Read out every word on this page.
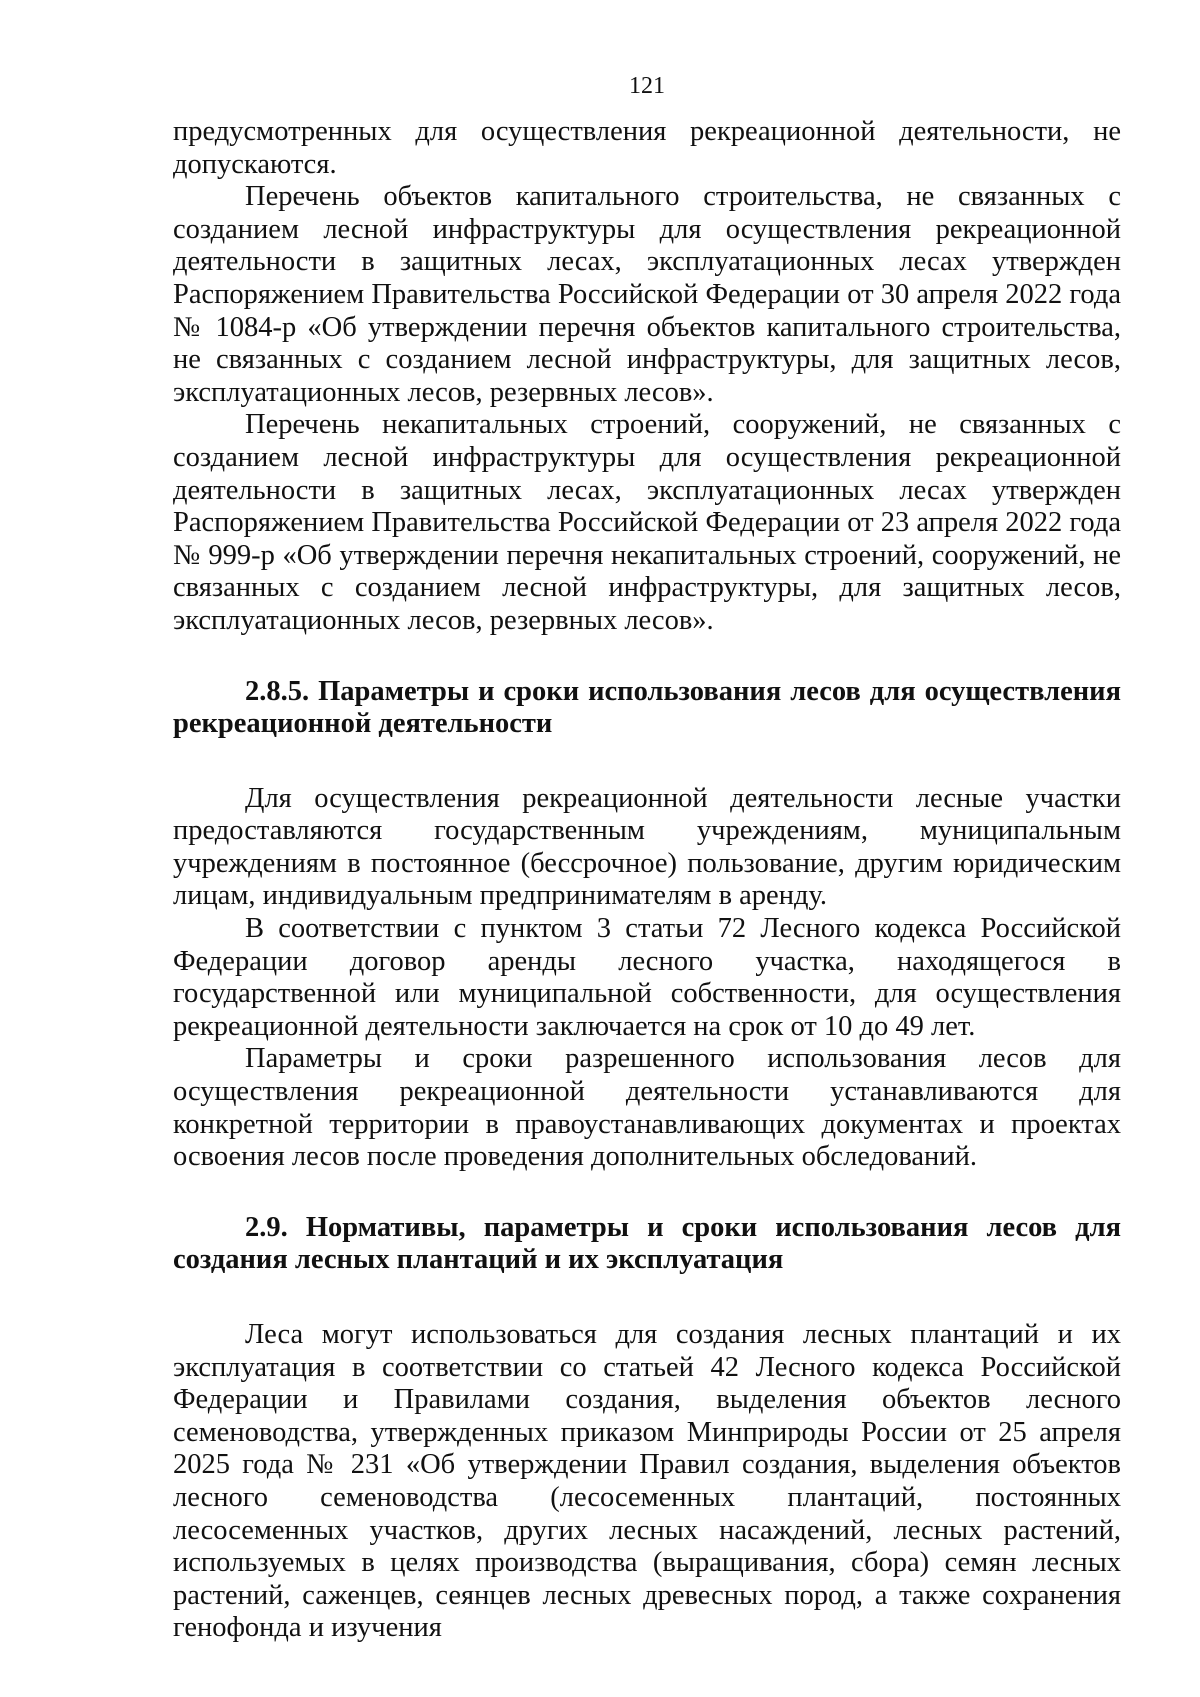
121

предусмотренных для осуществления рекреационной деятельности, не допускаются.

Перечень объектов капитального строительства, не связанных с созданием лесной инфраструктуры для осуществления рекреационной деятельности в защитных лесах, эксплуатационных лесах утвержден Распоряжением Правительства Российской Федерации от 30 апреля 2022 года № 1084-р «Об утверждении перечня объектов капитального строительства, не связанных с созданием лесной инфраструктуры, для защитных лесов, эксплуатационных лесов, резервных лесов».

Перечень некапитальных строений, сооружений, не связанных с созданием лесной инфраструктуры для осуществления рекреационной деятельности в защитных лесах, эксплуатационных лесах утвержден Распоряжением Правительства Российской Федерации от 23 апреля 2022 года № 999-р «Об утверждении перечня некапитальных строений, сооружений, не связанных с созданием лесной инфраструктуры, для защитных лесов, эксплуатационных лесов, резервных лесов».

2.8.5. Параметры и сроки использования лесов для осуществления рекреационной деятельности

Для осуществления рекреационной деятельности лесные участки предоставляются государственным учреждениям, муниципальным учреждениям в постоянное (бессрочное) пользование, другим юридическим лицам, индивидуальным предпринимателям в аренду.

В соответствии с пунктом 3 статьи 72 Лесного кодекса Российской Федерации договор аренды лесного участка, находящегося в государственной или муниципальной собственности, для осуществления рекреационной деятельности заключается на срок от 10 до 49 лет.

Параметры и сроки разрешенного использования лесов для осуществления рекреационной деятельности устанавливаются для конкретной территории в правоустанавливающих документах и проектах освоения лесов после проведения дополнительных обследований.

2.9. Нормативы, параметры и сроки использования лесов для создания лесных плантаций и их эксплуатация

Леса могут использоваться для создания лесных плантаций и их эксплуатация в соответствии со статьей 42 Лесного кодекса Российской Федерации и Правилами создания, выделения объектов лесного семеноводства, утвержденных приказом Минприроды России от 25 апреля 2025 года № 231 «Об утверждении Правил создания, выделения объектов лесного семеноводства (лесосеменных плантаций, постоянных лесосеменных участков, других лесных насаждений, лесных растений, используемых в целях производства (выращивания, сбора) семян лесных растений, саженцев, сеянцев лесных древесных пород, а также сохранения генофонда и изучения
